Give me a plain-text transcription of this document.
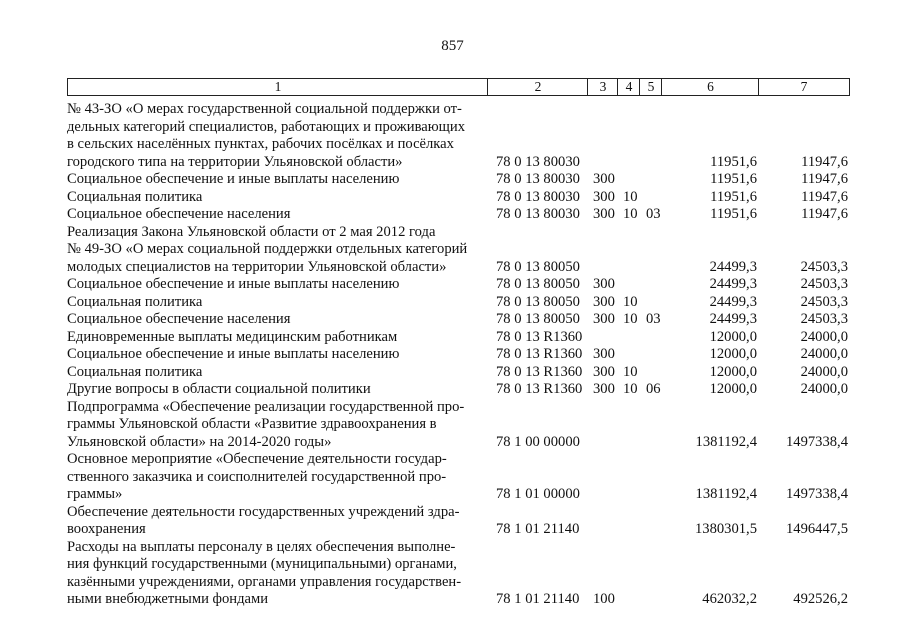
857
1	2	3	4	5	6	7
№ 43-ЗО «О мерах государственной социальной поддержки от-
дельных категорий специалистов, работающих и проживающих
в сельских населённых пунктах, рабочих посёлках и посёлках
городского типа на территории Ульяновской области»	78 0 13 80030	11951,6	11947,6
Социальное обеспечение и иные выплаты населению	78 0 13 80030 300	11951,6	11947,6
Социальная политика	78 0 13 80030 300 10	11951,6	11947,6
Социальное обеспечение населения	78 0 13 80030 300 10 03	11951,6	11947,6
Реализация Закона Ульяновской области от 2 мая 2012 года
№ 49-ЗО «О мерах социальной поддержки отдельных категорий
молодых специалистов на территории Ульяновской области»	78 0 13 80050	24499,3	24503,3
Социальное обеспечение и иные выплаты населению	78 0 13 80050 300	24499,3	24503,3
Социальная политика	78 0 13 80050 300 10	24499,3	24503,3
Социальное обеспечение населения	78 0 13 80050 300 10 03	24499,3	24503,3
Единовременные выплаты медицинским работникам	78 0 13 R1360	12000,0	24000,0
Социальное обеспечение и иные выплаты населению	78 0 13 R1360 300	12000,0	24000,0
Социальная политика	78 0 13 R1360 300 10	12000,0	24000,0
Другие вопросы в области социальной политики	78 0 13 R1360 300 10 06	12000,0	24000,0
Подпрограмма «Обеспечение реализации государственной про-
граммы Ульяновской области «Развитие здравоохранения в
Ульяновской области» на 2014-2020 годы»	78 1 00 00000	1381192,4 1497338,4
Основное мероприятие «Обеспечение деятельности государ-
ственного заказчика и соисполнителей государственной про-
граммы»	78 1 01 00000	1381192,4 1497338,4
Обеспечение деятельности государственных учреждений здра-
воохранения	78 1 01 21140	1380301,5 1496447,5
Расходы на выплаты персоналу в целях обеспечения выполне-
ния функций государственными (муниципальными) органами,
казёнными учреждениями, органами управления государствен-
ными внебюджетными фондами	78 1 01 21140 100	462032,2 492526,2
